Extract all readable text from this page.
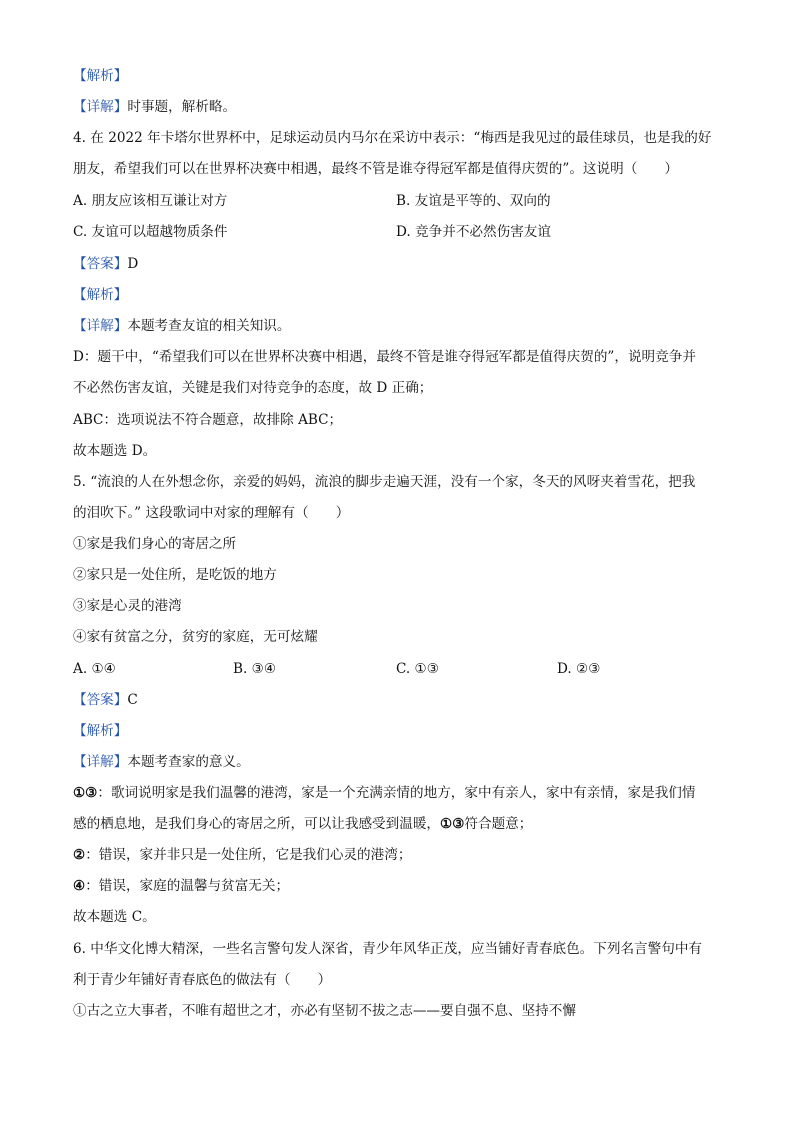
【解析】
【详解】时事题，解析略。
4. 在 2022 年卡塔尔世界杯中，足球运动员内马尔在采访中表示：“梅西是我见过的最佳球员，也是我的好
朋友，希望我们可以在世界杯决赛中相遇，最终不管是谁夺得冠军都是值得庆贺的”。这说明（　　）
A. 朋友应该相互谦让对方	B. 友谊是平等的、双向的
C. 友谊可以超越物质条件	D. 竞争并不必然伤害友谊
【答案】D
【解析】
【详解】本题考查友谊的相关知识。
D：题干中，“希望我们可以在世界杯决赛中相遇，最终不管是谁夺得冠军都是值得庆贺的”，说明竞争并
不必然伤害友谊，关键是我们对待竞争的态度，故 D 正确；
ABC：选项说法不符合题意，故排除 ABC；
故本题选 D。
5. “流浪的人在外想念你，亲爱的妈妈，流浪的脚步走遍天涯，没有一个家，冬天的风呀夹着雪花，把我
的泪吹下。” 这段歌词中对家的理解有（　　）
①家是我们身心的寄居之所
②家只是一处住所，是吃饭的地方
③家是心灵的港湾
④家有贫富之分，贫穷的家庭，无可炫耀
A. ①④	B. ③④	C. ①③	D. ②③
【答案】C
【解析】
【详解】本题考查家的意义。
①③：歌词说明家是我们温馨的港湾，家是一个充满亲情的地方，家中有亲人，家中有亲情，家是我们情
感的栖息地，是我们身心的寄居之所，可以让我感受到温暖，①③符合题意；
②：错误，家并非只是一处住所，它是我们心灵的港湾；
④：错误，家庭的温馨与贫富无关；
故本题选 C。
6. 中华文化博大精深，一些名言警句发人深省，青少年风华正茂，应当铺好青春底色。下列名言警句中有
利于青少年铺好青春底色的做法有（　　）
①古之立大事者，不唯有超世之才，亦必有坚韧不拔之志——要自强不息、坚持不懈
